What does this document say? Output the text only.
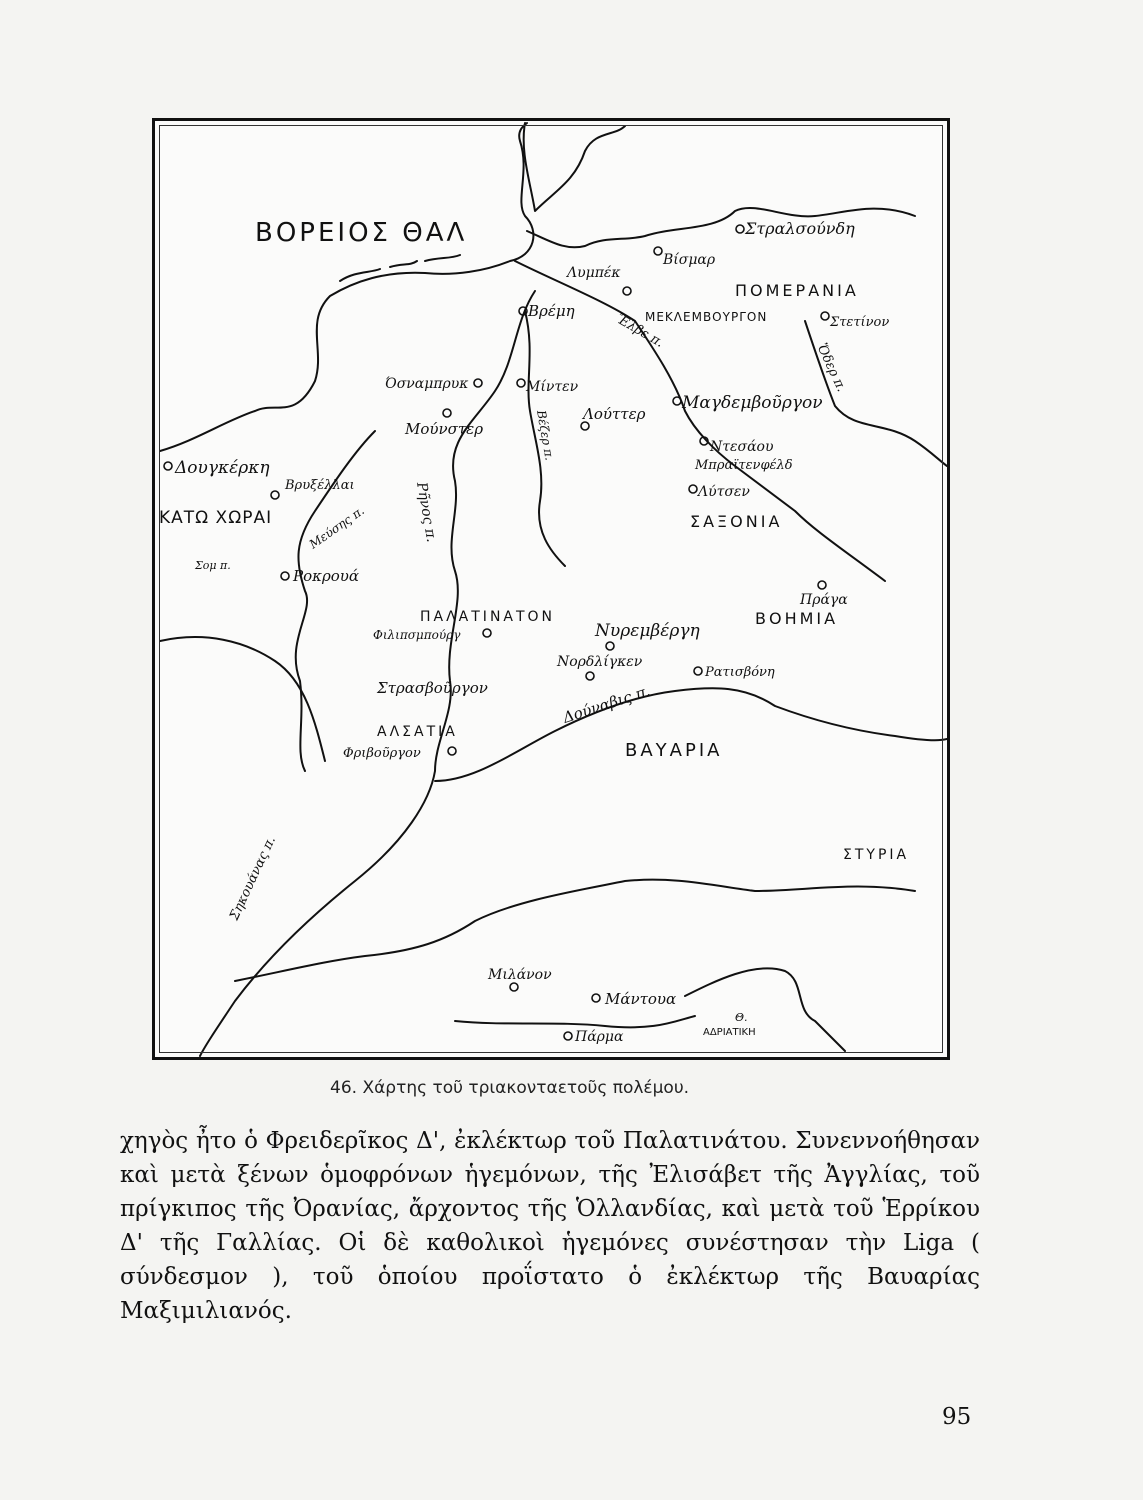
ΒΟΡΕΙΟΣ ΘΑΛ
ΠΟΜΕΡΑΝΙΑ
ΜΕΚΛΕΜΒΟΥΡΓΟΝ
ΣΑΞΟΝΙΑ
ΒΟΗΜΙΑ
ΠΑΛΑΤΙΝΑΤΟΝ
ΑΛΣΑΤΙΑ
ΒΑΥΑΡΙΑ
ΚΑΤΩ ΧΩΡΑΙ
ΣΤΥΡΙΑ
ΑΔΡΙΑΤΙΚΗ
Στραλσούνδη
Βίσμαρ
Λυμπέκ
Βρέμη
Στετίνον
Όσναμπρυκ	Μίντεν
Μούνστερ
Λούττερ
Μαγδεμβοῦργον
Ντεσάου
Μπραϊτενφέλδ
Λύτσεν
Δουγκέρκη
Βρυξέλλαι
Ροκρουά
Πράγα
Φιλιπσμπούργ	Νυρεμβέργη
Νορδλίγκεν
Ρατισβόνη
Στρασβοῦργον
Φριβοῦργον
Μιλάνον
Μάντουα
Πάρμα
Ἔλβε π.
Ὄδερ π.
Βέζερ π.
Ρῆνος π.
Μεύσης π.
Σομ π.
Δούναβις π.
Σηκουάνας π.
Θ.
46. Χάρτης τοῦ τριακονταετοῦς πολέμου.

χηγὸς ἦτο ὁ Φρειδερῖκος Δ', ἐκλέκτωρ τοῦ Παλατινάτου. Συνεννοήθησαν καὶ μετὰ ξένων ὁμοφρόνων ἡγεμόνων, τῆς Ἐλισάβετ τῆς Ἀγγλίας, τοῦ πρίγκιπος τῆς Ὀρανίας, ἄρχοντος τῆς Ὁλλανδίας, καὶ μετὰ τοῦ Ἑρρίκου Δ' τῆς Γαλλίας. Οἱ δὲ καθολικοὶ ἡγεμόνες συνέστησαν τὴν Liga ( σύνδεσμον ), τοῦ ὁποίου προΐστατο ὁ ἐκλέκτωρ τῆς Βαυαρίας Μαξιμιλιανός.

95
